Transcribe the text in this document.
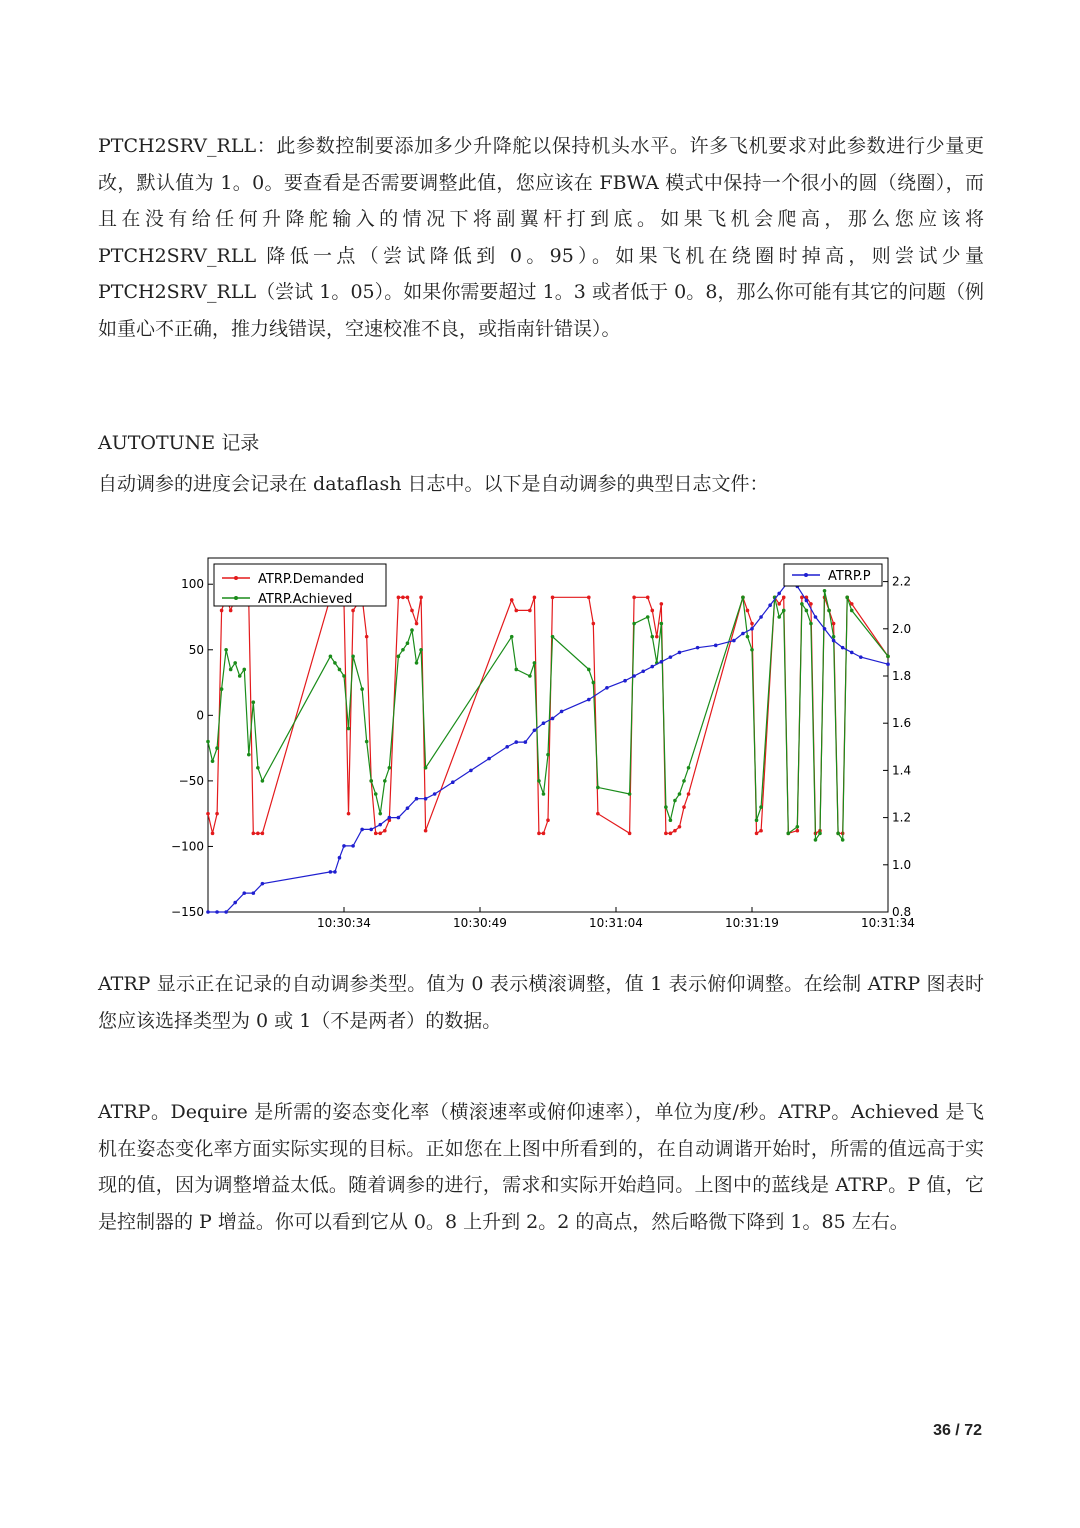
PTCH2SRV_RLL：此参数控制要添加多少升降舵以保持机头水平。许多飞机要求对此参数进行少量更改，默认值为 1。0。要查看是否需要调整此值，您应该在 FBWA 模式中保持一个很小的圆（绕圈），而且在没有给任何升降舵输入的情况下将副翼杆打到底。如果飞机会爬高，那么您应该将 PTCH2SRV_RLL 降低一点（尝试降低到 0。95）。如果飞机在绕圈时掉高，则尝试少量 PTCH2SRV_RLL（尝试 1。05）。如果你需要超过 1。3 或者低于 0。8，那么你可能有其它的问题（例如重心不正确，推力线错误，空速校准不良，或指南针错误）。

AUTOTUNE 记录
自动调参的进度会记录在 dataflash 日志中。以下是自动调参的典型日志文件：
100
50
0
−50
−100
−150
2.2
2.0
1.8
1.6
1.4
1.2
1.0
0.8
10:30:34	10:30:49	10:31:04	10:31:19	10:31:34
ATRP.Demanded
ATRP.Achieved
ATRP.P

ATRP 显示正在记录的自动调参类型。值为 0 表示横滚调整，值 1 表示俯仰调整。在绘制 ATRP 图表时您应该选择类型为 0 或 1（不是两者）的数据。

ATRP。Dequire 是所需的姿态变化率（横滚速率或俯仰速率），单位为度/秒。ATRP。Achieved 是飞机在姿态变化率方面实际实现的目标。正如您在上图中所看到的，在自动调谐开始时，所需的值远高于实现的值，因为调整增益太低。随着调参的进行，需求和实际开始趋同。上图中的蓝线是 ATRP。P 值，它是控制器的 P 增益。你可以看到它从 0。8 上升到 2。2 的高点，然后略微下降到 1。85 左右。

36 / 72
